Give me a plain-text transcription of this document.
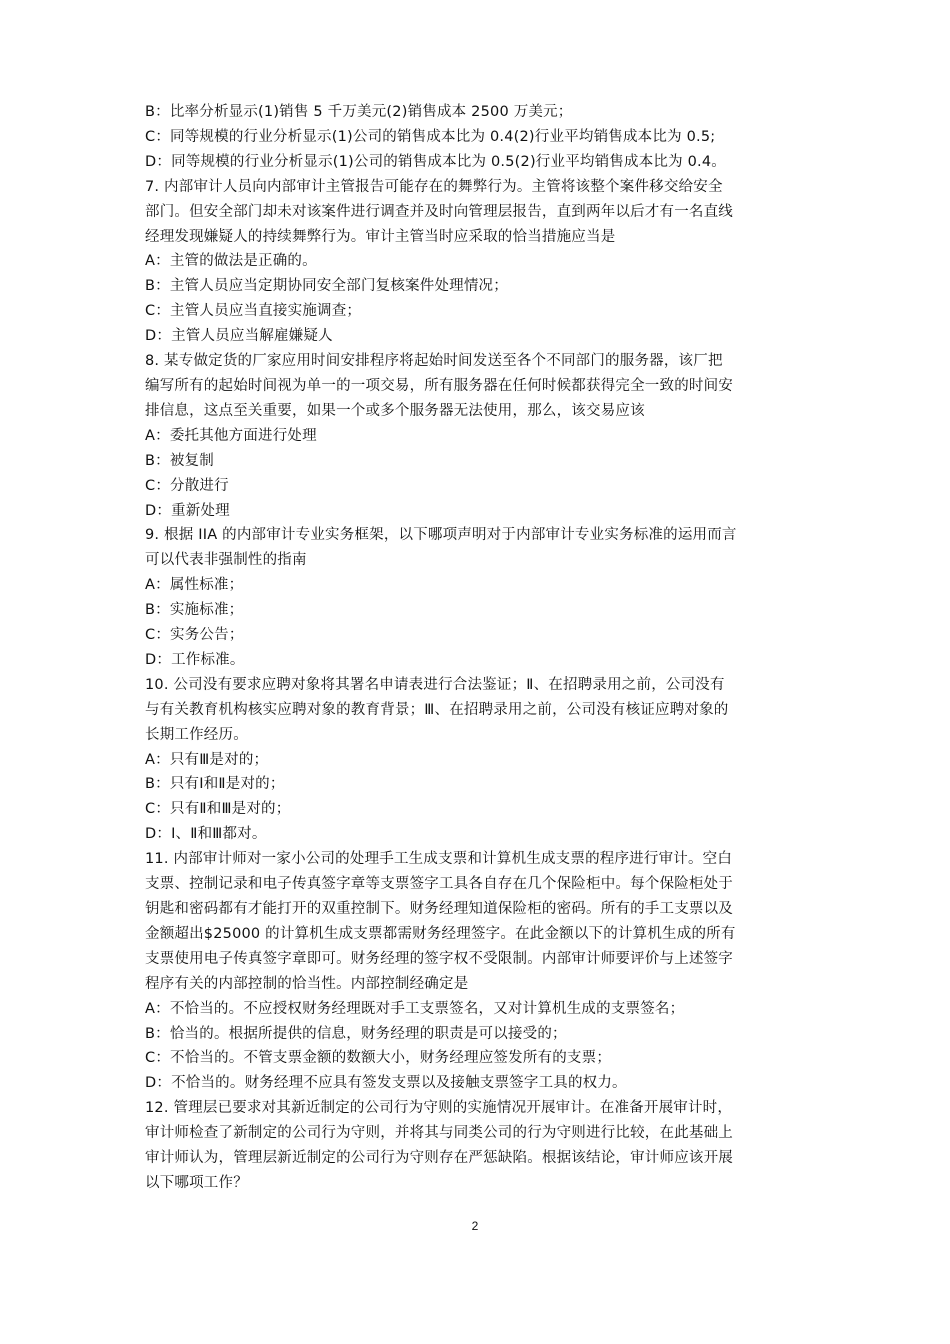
B：比率分析显示(1)销售 5 千万美元(2)销售成本 2500 万美元；
C：同等规模的行业分析显示(1)公司的销售成本比为 0.4(2)行业平均销售成本比为 0.5;
D：同等规模的行业分析显示(1)公司的销售成本比为 0.5(2)行业平均销售成本比为 0.4。
7. 内部审计人员向内部审计主管报告可能存在的舞弊行为。主管将该整个案件移交给安全
部门。但安全部门却未对该案件进行调查并及时向管理层报告，直到两年以后才有一名直线
经理发现嫌疑人的持续舞弊行为。审计主管当时应采取的恰当措施应当是
A：主管的做法是正确的。
B：主管人员应当定期协同安全部门复核案件处理情况；
C：主管人员应当直接实施调查；
D：主管人员应当解雇嫌疑人
8. 某专做定货的厂家应用时间安排程序将起始时间发送至各个不同部门的服务器，该厂把
编写所有的起始时间视为单一的一项交易，所有服务器在任何时候都获得完全一致的时间安
排信息，这点至关重要，如果一个或多个服务器无法使用，那么，该交易应该
A：委托其他方面进行处理
B：被复制
C：分散进行
D：重新处理
9. 根据 IIA 的内部审计专业实务框架，以下哪项声明对于内部审计专业实务标准的运用而言
可以代表非强制性的指南
A：属性标准；
B：实施标准；
C：实务公告；
D：工作标准。
10. 公司没有要求应聘对象将其署名申请表进行合法鉴证；Ⅱ、在招聘录用之前，公司没有
与有关教育机构核实应聘对象的教育背景；Ⅲ、在招聘录用之前，公司没有核证应聘对象的
长期工作经历。
A：只有Ⅲ是对的；
B：只有Ⅰ和Ⅱ是对的；
C：只有Ⅱ和Ⅲ是对的；
D：Ⅰ、Ⅱ和Ⅲ都对。
11. 内部审计师对一家小公司的处理手工生成支票和计算机生成支票的程序进行审计。空白
支票、控制记录和电子传真签字章等支票签字工具各自存在几个保险柜中。每个保险柜处于
钥匙和密码都有才能打开的双重控制下。财务经理知道保险柜的密码。所有的手工支票以及
金额超出$25000 的计算机生成支票都需财务经理签字。在此金额以下的计算机生成的所有
支票使用电子传真签字章即可。财务经理的签字权不受限制。内部审计师要评价与上述签字
程序有关的内部控制的恰当性。内部控制经确定是
A：不恰当的。不应授权财务经理既对手工支票签名，又对计算机生成的支票签名；
B：恰当的。根据所提供的信息，财务经理的职责是可以接受的；
C：不恰当的。不管支票金额的数额大小，财务经理应签发所有的支票；
D：不恰当的。财务经理不应具有签发支票以及接触支票签字工具的权力。
12. 管理层已要求对其新近制定的公司行为守则的实施情况开展审计。在准备开展审计时，
审计师检查了新制定的公司行为守则，并将其与同类公司的行为守则进行比较，在此基础上
审计师认为，管理层新近制定的公司行为守则存在严惩缺陷。根据该结论，审计师应该开展
以下哪项工作？
2
